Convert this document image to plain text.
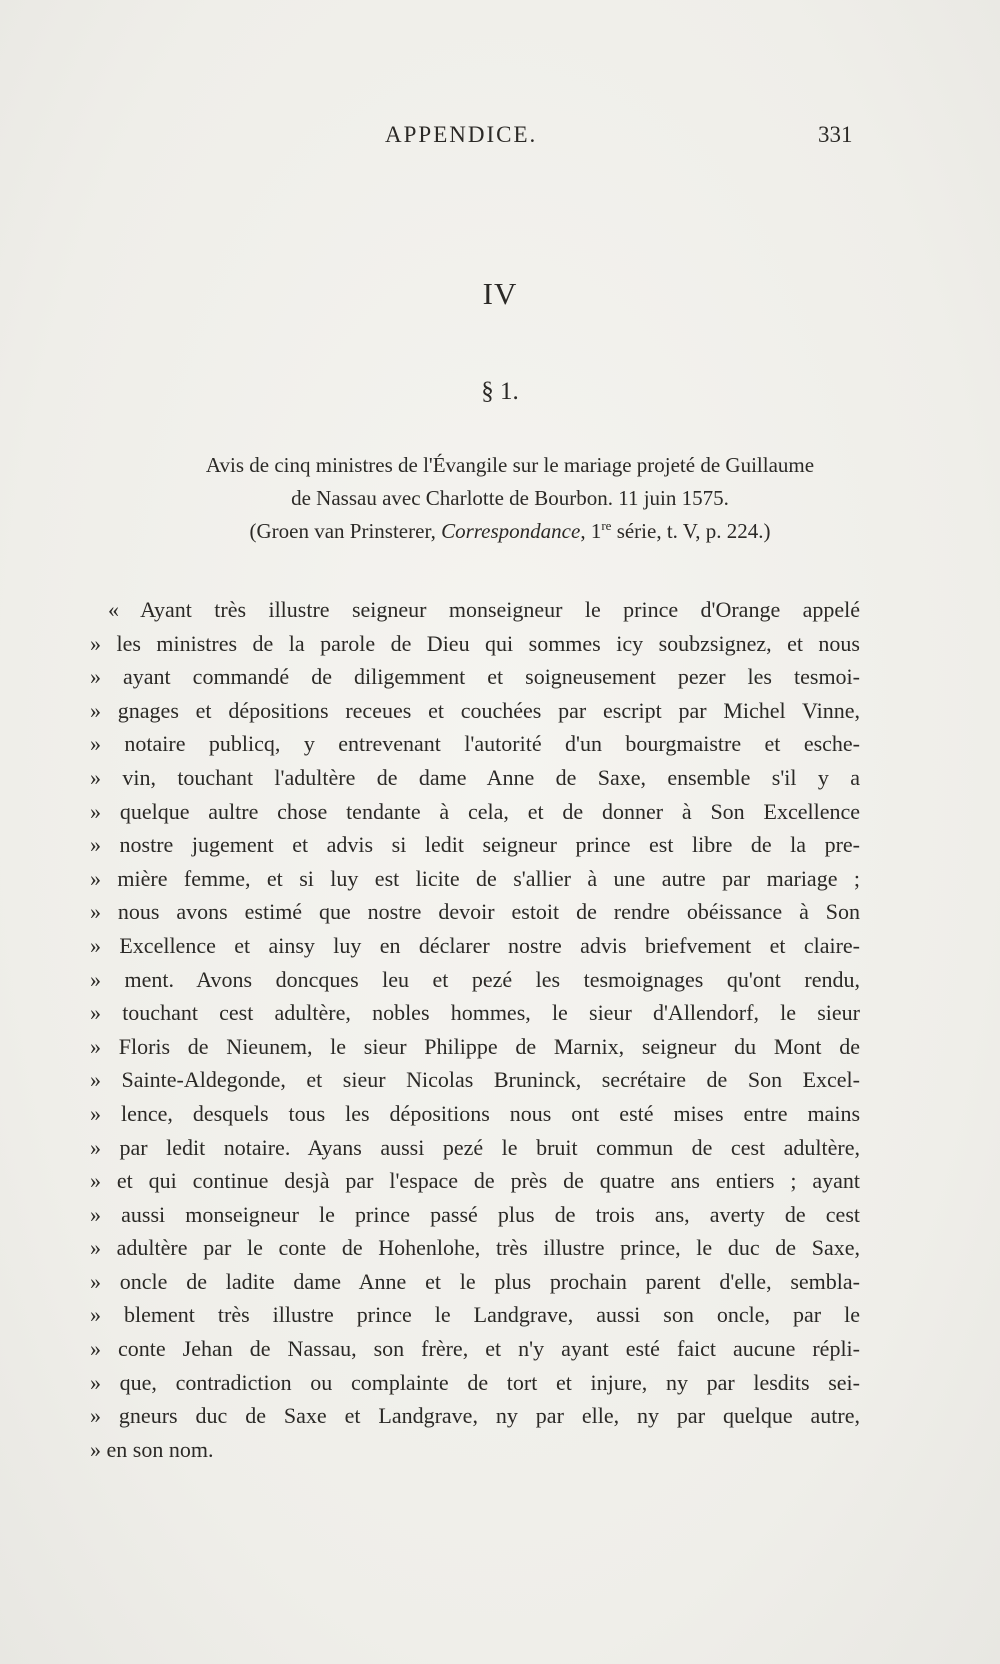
APPENDICE.	331
IV
§ 1.
Avis de cinq ministres de l'Évangile sur le mariage projeté de Guillaume
de Nassau avec Charlotte de Bourbon. 11 juin 1575.
(Groen van Prinsterer, Correspondance, 1re série, t. V, p. 224.)
« Ayant très illustre seigneur monseigneur le prince d'Orange appelé
» les ministres de la parole de Dieu qui sommes icy soubzsignez, et nous
» ayant commandé de diligemment et soigneusement pezer les tesmoi-
» gnages et dépositions receues et couchées par escript par Michel Vinne,
» notaire publicq, y entrevenant l'autorité d'un bourgmaistre et esche-
» vin, touchant l'adultère de dame Anne de Saxe, ensemble s'il y a
» quelque aultre chose tendante à cela, et de donner à Son Excellence
» nostre jugement et advis si ledit seigneur prince est libre de la pre-
» mière femme, et si luy est licite de s'allier à une autre par mariage ;
» nous avons estimé que nostre devoir estoit de rendre obéissance à Son
» Excellence et ainsy luy en déclarer nostre advis briefvement et claire-
» ment. Avons doncques leu et pezé les tesmoignages qu'ont rendu,
» touchant cest adultère, nobles hommes, le sieur d'Allendorf, le sieur
» Floris de Nieunem, le sieur Philippe de Marnix, seigneur du Mont de
» Sainte-Aldegonde, et sieur Nicolas Bruninck, secrétaire de Son Excel-
» lence, desquels tous les dépositions nous ont esté mises entre mains
» par ledit notaire. Ayans aussi pezé le bruit commun de cest adultère,
» et qui continue desjà par l'espace de près de quatre ans entiers ; ayant
» aussi monseigneur le prince passé plus de trois ans, averty de cest
» adultère par le conte de Hohenlohe, très illustre prince, le duc de Saxe,
» oncle de ladite dame Anne et le plus prochain parent d'elle, sembla-
» blement très illustre prince le Landgrave, aussi son oncle, par le
» conte Jehan de Nassau, son frère, et n'y ayant esté faict aucune répli-
» que, contradiction ou complainte de tort et injure, ny par lesdits sei-
» gneurs duc de Saxe et Landgrave, ny par elle, ny par quelque autre,
» en son nom.
